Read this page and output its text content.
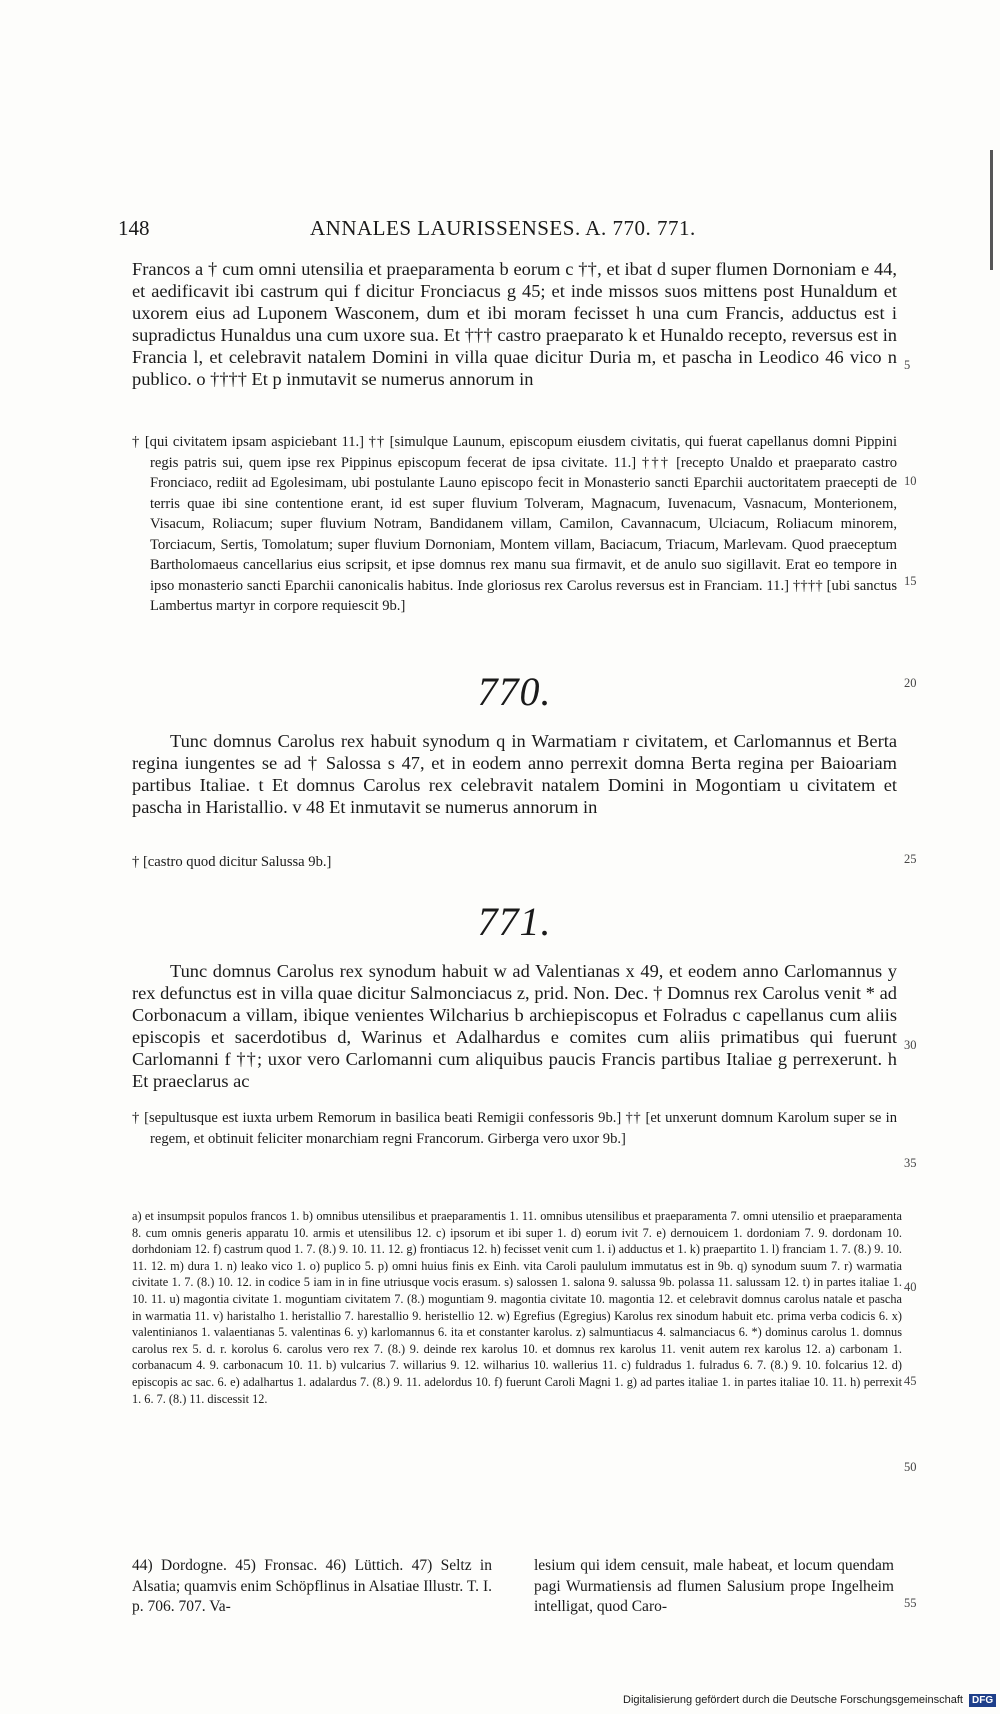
148	ANNALES LAURISSENSES. A. 770. 771.

Francos a † cum omni utensilia et praeparamenta b eorum c ††, et ibat d super flumen Dornoniam e 44, et aedificavit ibi castrum qui f dicitur Fronciacus g 45; et inde missos suos mittens post Hunaldum et uxorem eius ad Luponem Wasconem, dum et ibi moram fecisset h una cum Francis, adductus est i supradictus Hunaldus una cum uxore sua. Et ††† castro praeparato k et Hunaldo recepto, reversus est in Francia l, et celebravit natalem Domini in villa quae dicitur Duria m, et pascha in Leodico 46 vico n publico. o †††† Et p inmutavit se numerus annorum in

† [qui civitatem ipsam aspiciebant 11.] †† [simulque Launum, episcopum eiusdem civitatis, qui fuerat capellanus domni Pippini regis patris sui, quem ipse rex Pippinus episcopum fecerat de ipsa civitate. 11.] ††† [recepto Unaldo et praeparato castro Fronciaco, rediit ad Egolesimam, ubi postulante Launo episcopo fecit in Monasterio sancti Eparchii auctoritatem praecepti de terris quae ibi sine contentione erant, id est super fluvium Tolveram, Magnacum, Iuvenacum, Vasnacum, Monterionem, Visacum, Roliacum; super fluvium Notram, Bandidanem villam, Camilon, Cavannacum, Ulciacum, Roliacum minorem, Torciacum, Sertis, Tomolatum; super fluvium Dornoniam, Montem villam, Baciacum, Triacum, Marlevam. Quod praeceptum Bartholomaeus cancellarius eius scripsit, et ipse domnus rex manu sua firmavit, et de anulo suo sigillavit. Erat eo tempore in ipso monasterio sancti Eparchii canonicalis habitus. Inde gloriosus rex Carolus reversus est in Franciam. 11.] †††† [ubi sanctus Lambertus martyr in corpore requiescit 9b.]

770.

Tunc domnus Carolus rex habuit synodum q in Warmatiam r civitatem, et Carlomannus et Berta regina iungentes se ad † Salossa s 47, et in eodem anno perrexit domna Berta regina per Baioariam partibus Italiae. t Et domnus Carolus rex celebravit natalem Domini in Mogontiam u civitatem et pascha in Haristallio. v 48 Et inmutavit se numerus annorum in

† [castro quod dicitur Salussa 9b.]

771.

Tunc domnus Carolus rex synodum habuit w ad Valentianas x 49, et eodem anno Carlomannus y rex defunctus est in villa quae dicitur Salmonciacus z, prid. Non. Dec. † Domnus rex Carolus venit * ad Corbonacum a villam, ibique venientes Wilcharius b archiepiscopus et Folradus c capellanus cum aliis episcopis et sacerdotibus d, Warinus et Adalhardus e comites cum aliis primatibus qui fuerunt Carlomanni f ††; uxor vero Carlomanni cum aliquibus paucis Francis partibus Italiae g perrexerunt. h Et praeclarus ac

† [sepultusque est iuxta urbem Remorum in basilica beati Remigii confessoris 9b.] †† [et unxerunt domnum Karolum super se in regem, et obtinuit feliciter monarchiam regni Francorum. Girberga vero uxor 9b.]

a) et insumpsit populos francos 1. b) omnibus utensilibus et praeparamentis 1. 11. omnibus utensilibus et praeparamenta 7. omni utensilio et praeparamenta 8. cum omnis generis apparatu 10. armis et utensilibus 12. c) ipsorum et ibi super 1. d) eorum ivit 7. e) dernouicem 1. dordoniam 7. 9. dordonam 10. dorhdoniam 12. f) castrum quod 1. 7. (8.) 9. 10. 11. 12. g) frontiacus 12. h) fecisset venit cum 1. i) adductus et 1. k) praepartito 1. l) franciam 1. 7. (8.) 9. 10. 11. 12. m) dura 1. n) leako vico 1. o) puplico 5. p) omni huius finis ex Einh. vita Caroli paululum immutatus est in 9b. q) synodum suum 7. r) warmatia civitate 1. 7. (8.) 10. 12. in codice 5 iam in in fine utriusque vocis erasum. s) salossen 1. salona 9. salussa 9b. polassa 11. salussam 12. t) in partes italiae 1. 10. 11. u) magontia civitate 1. moguntiam civitatem 7. (8.) moguntiam 9. magontia civitate 10. magontia 12. et celebravit domnus carolus natale et pascha in warmatia 11. v) haristalho 1. heristallio 7. harestallio 9. heristellio 12. w) Egrefius (Egregius) Karolus rex sinodum habuit etc. prima verba codicis 6. x) valentinianos 1. valaentianas 5. valentinas 6. y) karlomannus 6. ita et constanter karolus. z) salmuntiacus 4. salmanciacus 6. *) dominus carolus 1. domnus carolus rex 5. d. r. korolus 6. carolus vero rex 7. (8.) 9. deinde rex karolus 10. et domnus rex karolus 11. venit autem rex karolus 12. a) carbonam 1. corbanacum 4. 9. carbonacum 10. 11. b) vulcarius 7. willarius 9. 12. wilharius 10. wallerius 11. c) fuldradus 1. fulradus 6. 7. (8.) 9. 10. folcarius 12. d) episcopis ac sac. 6. e) adalhartus 1. adalardus 7. (8.) 9. 11. adelordus 10. f) fuerunt Caroli Magni 1. g) ad partes italiae 1. in partes italiae 10. 11. h) perrexit 1. 6. 7. (8.) 11. discessit 12.

44) Dordogne. 45) Fronsac. 46) Lüttich. 47) Seltz in Alsatia; quamvis enim Schöpflinus in Alsatiae Illustr. T. I. p. 706. 707. Va-

lesium qui idem censuit, male habeat, et locum quendam pagi Wurmatiensis ad flumen Salusium prope Ingelheim intelligat, quod Caro-

5
10
15
20
25
30
35
40
45
50
55
Digitalisierung gefördert durch die Deutsche Forschungsgemeinschaft DFG
